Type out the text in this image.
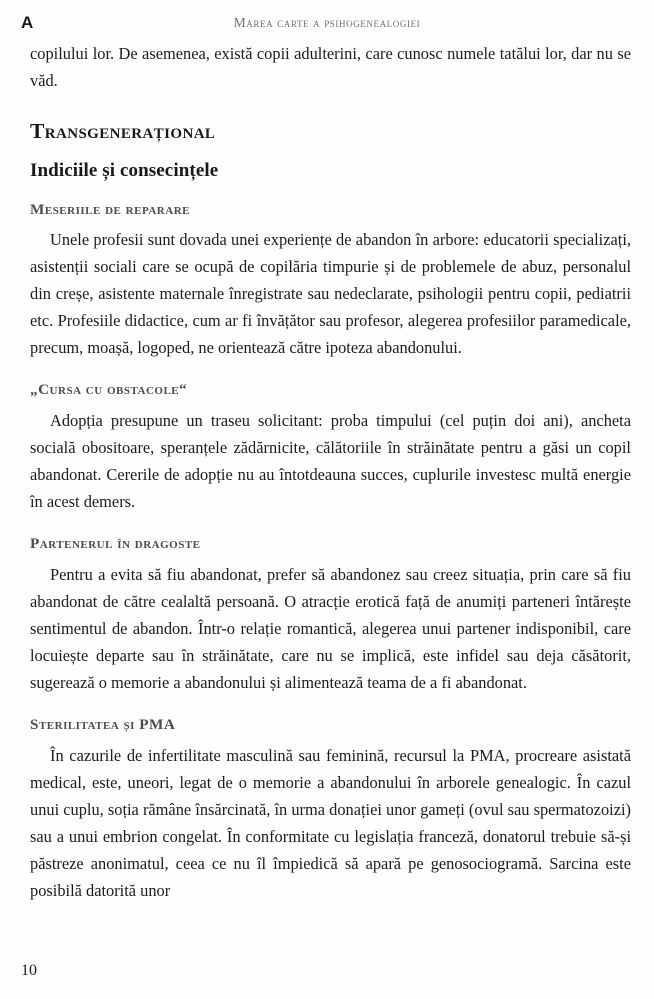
A	Marea carte a psihogenealogiei

copilului lor. De asemenea, există copii adulterini, care cunosc numele tatălui lor, dar nu se văd.

Transgenerațional
Indiciile și consecințele
Meseriile de reparare

Unele profesii sunt dovada unei experiențe de abandon în arbore: educatorii specializați, asistenții sociali care se ocupă de copilăria timpurie și de problemele de abuz, personalul din creșe, asistente maternale înregistrate sau nedeclarate, psihologii pentru copii, pediatrii etc. Profesiile didactice, cum ar fi învățător sau profesor, alegerea profesiilor paramedicale, precum, moașă, logoped, ne orientează către ipoteza abandonului.

„Cursa cu obstacole“

Adopția presupune un traseu solicitant: proba timpului (cel puțin doi ani), ancheta socială obositoare, speranțele zădărnicite, călătoriile în străinătate pentru a găsi un copil abandonat. Cererile de adopție nu au întotdeauna succes, cuplurile investesc multă energie în acest demers.

Partenerul în dragoste

Pentru a evita să fiu abandonat, prefer să abandonez sau creez situația, prin care să fiu abandonat de către cealaltă persoană. O atracție erotică față de anumiți parteneri întărește sentimentul de abandon. Într-o relație romantică, alegerea unui partener indisponibil, care locuiește departe sau în străinătate, care nu se implică, este infidel sau deja căsătorit, sugerează o memorie a abandonului și alimentează teama de a fi abandonat.

Sterilitatea și PMA

În cazurile de infertilitate masculină sau feminină, recursul la PMA, procreare asistată medical, este, uneori, legat de o memorie a abandonului în arborele genealogic. În cazul unui cuplu, soția rămâne însărcinată, în urma donației unor gameți (ovul sau spermatozoizi) sau a unui embrion congelat. În conformitate cu legislația franceză, donatorul trebuie să-și păstreze anonimatul, ceea ce nu îl împiedică să apară pe genosociogramă. Sarcina este posibilă datorită unor

10
